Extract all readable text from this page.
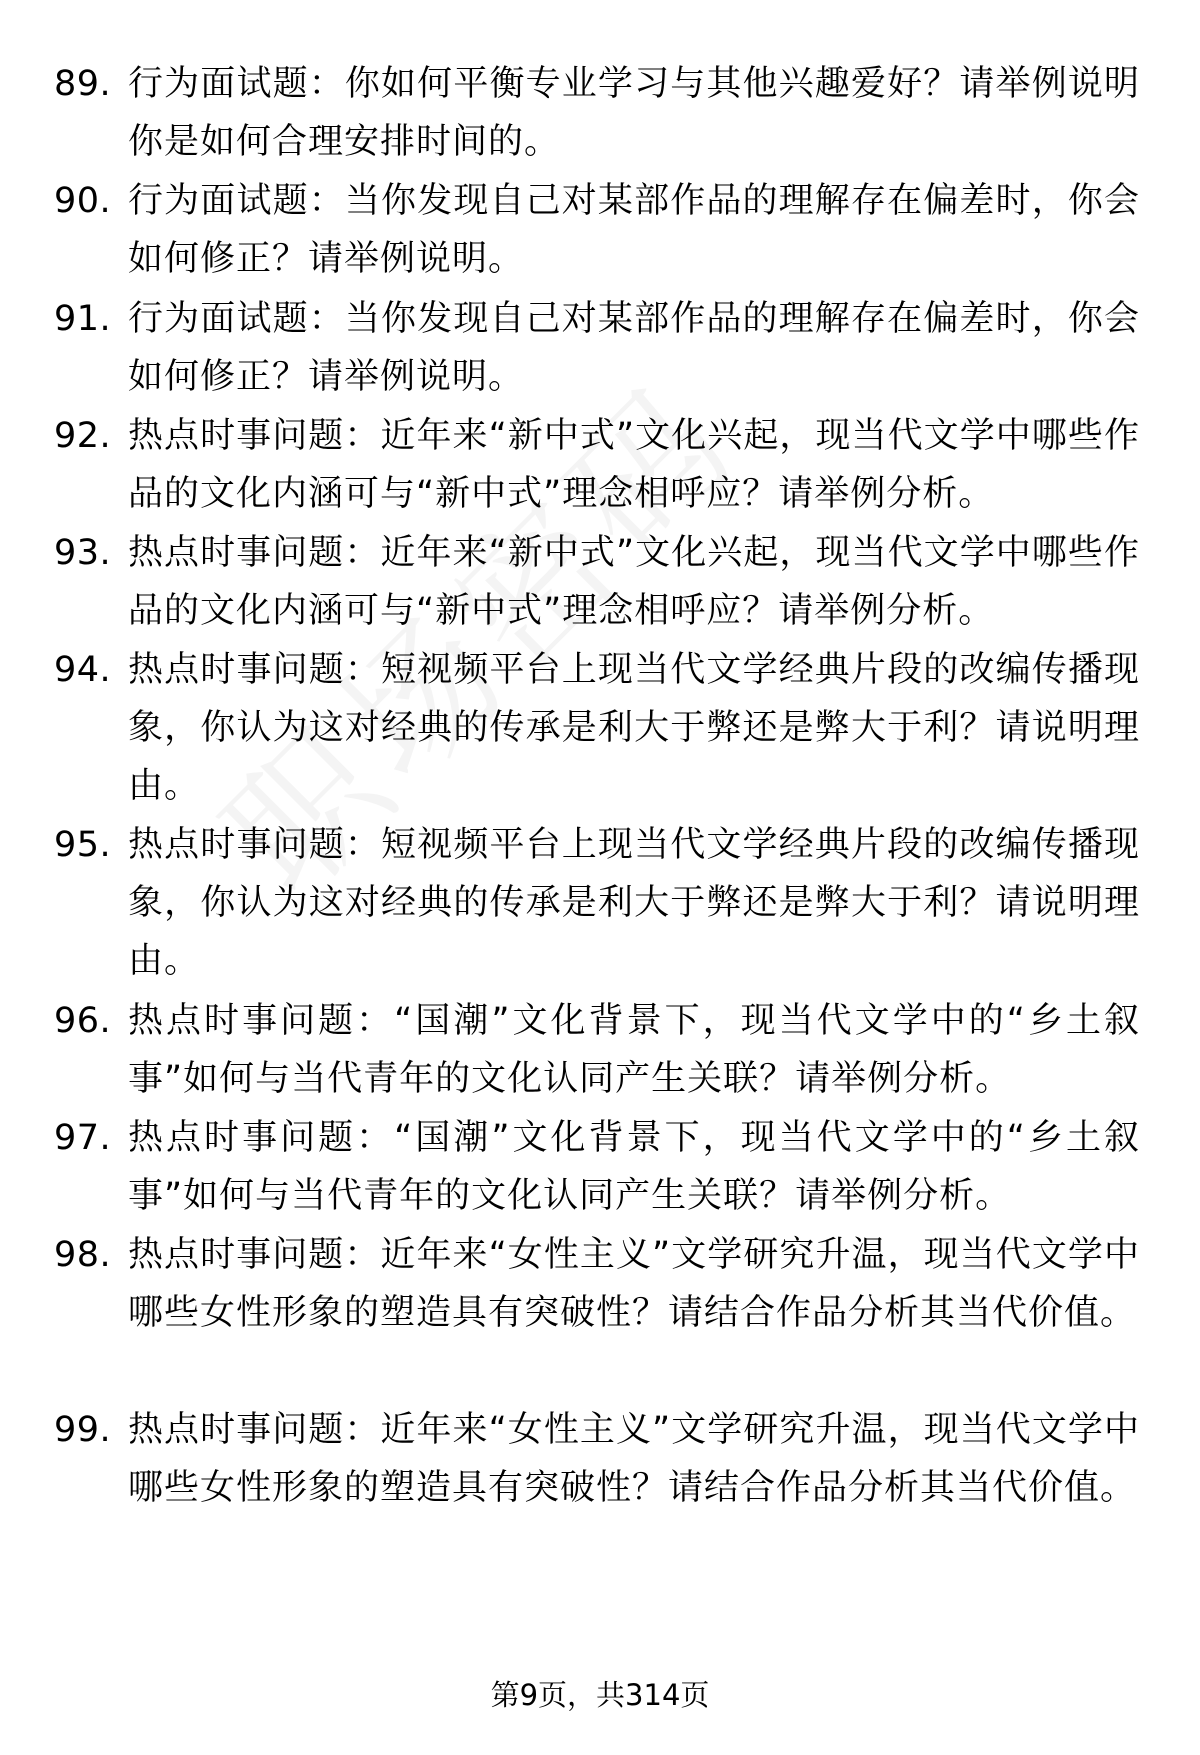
89. 行为面试题：你如何平衡专业学习与其他兴趣爱好？请举例说明你是如何合理安排时间的。
90. 行为面试题：当你发现自己对某部作品的理解存在偏差时，你会如何修正？请举例说明。
91. 行为面试题：当你发现自己对某部作品的理解存在偏差时，你会如何修正？请举例说明。
92. 热点时事问题：近年来“新中式”文化兴起，现当代文学中哪些作品的文化内涵可与“新中式”理念相呼应？请举例分析。
93. 热点时事问题：近年来“新中式”文化兴起，现当代文学中哪些作品的文化内涵可与“新中式”理念相呼应？请举例分析。
94. 热点时事问题：短视频平台上现当代文学经典片段的改编传播现象，你认为这对经典的传承是利大于弊还是弊大于利？请说明理由。
95. 热点时事问题：短视频平台上现当代文学经典片段的改编传播现象，你认为这对经典的传承是利大于弊还是弊大于利？请说明理由。
96. 热点时事问题：“国潮”文化背景下，现当代文学中的“乡土叙事”如何与当代青年的文化认同产生关联？请举例分析。
97. 热点时事问题：“国潮”文化背景下，现当代文学中的“乡土叙事”如何与当代青年的文化认同产生关联？请举例分析。
98. 热点时事问题：近年来“女性主义”文学研究升温，现当代文学中哪些女性形象的塑造具有突破性？请结合作品分析其当代价值。
99. 热点时事问题：近年来“女性主义”文学研究升温，现当代文学中哪些女性形象的塑造具有突破性？请结合作品分析其当代价值。
第9页，共314页
